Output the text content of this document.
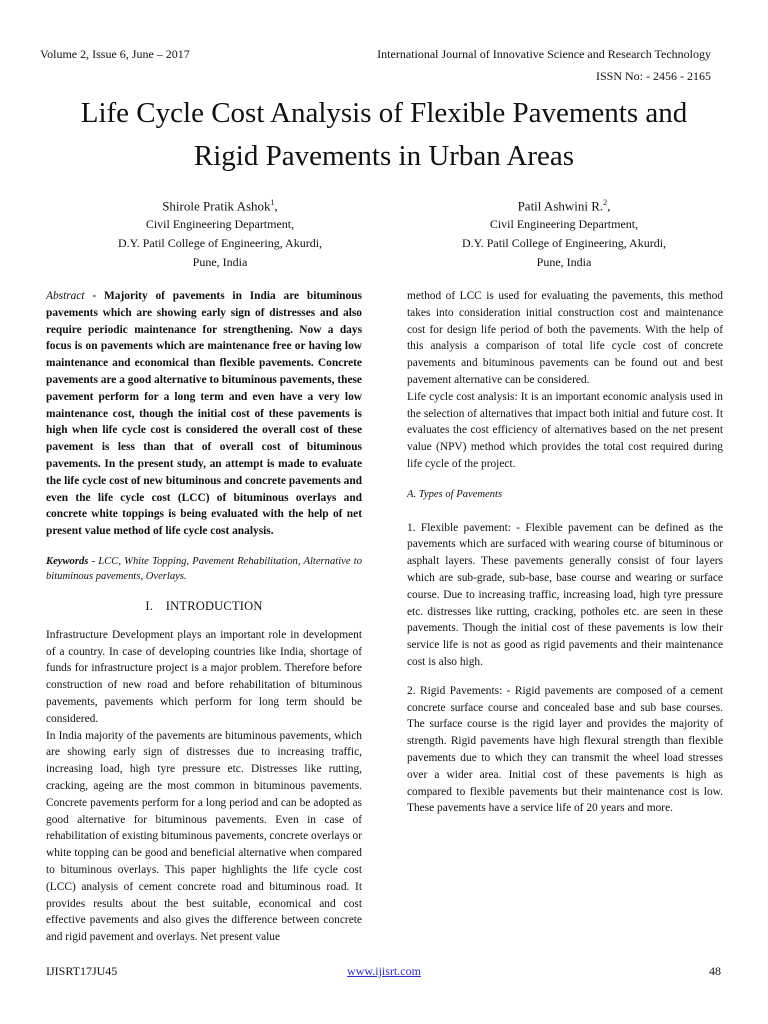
Volume 2, Issue 6, June – 2017	International Journal of Innovative Science and Research Technology
ISSN No: - 2456 - 2165
Life Cycle Cost Analysis of Flexible Pavements and
Rigid Pavements in Urban Areas
Shirole Pratik Ashok$^1$,
Civil Engineering Department,
D.Y. Patil College of Engineering, Akurdi,
Pune, India
Patil Ashwini R.$^2$,
Civil Engineering Department,
D.Y. Patil College of Engineering, Akurdi,
Pune, India

Abstract - Majority of pavements in India are bituminous pavements which are showing early sign of distresses and also require periodic maintenance for strengthening. Now a days focus is on pavements which are maintenance free or having low maintenance and economical than flexible pavements. Concrete pavements are a good alternative to bituminous pavements, these pavement perform for a long term and even have a very low maintenance cost, though the initial cost of these pavements is high when life cycle cost is considered the overall cost of these pavement is less than that of overall cost of bituminous pavements. In the present study, an attempt is made to evaluate the life cycle cost of new bituminous and concrete pavements and even the life cycle cost (LCC) of bituminous overlays and concrete white toppings is being evaluated with the help of net present value method of life cycle cost analysis.

Keywords - LCC, White Topping, Pavement Rehabilitation, Alternative to bituminous pavements, Overlays.

I. INTRODUCTION

Infrastructure Development plays an important role in development of a country. In case of developing countries like India, shortage of funds for infrastructure project is a major problem. Therefore before construction of new road and before rehabilitation of bituminous pavements, pavements which perform for long term should be considered.

In India majority of the pavements are bituminous pavements, which are showing early sign of distresses due to increasing traffic, increasing load, high tyre pressure etc. Distresses like rutting, cracking, ageing are the most common in bituminous pavements. Concrete pavements perform for a long period and can be adopted as good alternative for bituminous pavements. Even in case of rehabilitation of existing bituminous pavements, concrete overlays or white topping can be good and beneficial alternative when compared to bituminous overlays. This paper highlights the life cycle cost (LCC) analysis of cement concrete road and bituminous road. It provides results about the best suitable, economical and cost effective pavements and also gives the difference between concrete and rigid pavement and overlays. Net present value

method of LCC is used for evaluating the pavements, this method takes into consideration initial construction cost and maintenance cost for design life period of both the pavements. With the help of this analysis a comparison of total life cycle cost of concrete pavements and bituminous pavements can be found out and best pavement alternative can be considered.

Life cycle cost analysis: It is an important economic analysis used in the selection of alternatives that impact both initial and future cost. It evaluates the cost efficiency of alternatives based on the net present value (NPV) method which provides the total cost required during life cycle of the project.

A. Types of Pavements

1. Flexible pavement: - Flexible pavement can be defined as the pavements which are surfaced with wearing course of bituminous or asphalt layers. These pavements generally consist of four layers which are sub-grade, sub-base, base course and wearing or surface course. Due to increasing traffic, increasing load, high tyre pressure etc. distresses like rutting, cracking, potholes etc. are seen in these pavements. Though the initial cost of these pavements is low their service life is not as good as rigid pavements and their maintenance cost is also high.

2. Rigid Pavements: - Rigid pavements are composed of a cement concrete surface course and concealed base and sub base courses. The surface course is the rigid layer and provides the majority of strength. Rigid pavements have high flexural strength than flexible pavements due to which they can transmit the wheel load stresses over a wider area. Initial cost of these pavements is high as compared to flexible pavements but their maintenance cost is low. These pavements have a service life of 20 years and more.

IJISRT17JU45	www.ijisrt.com	48
